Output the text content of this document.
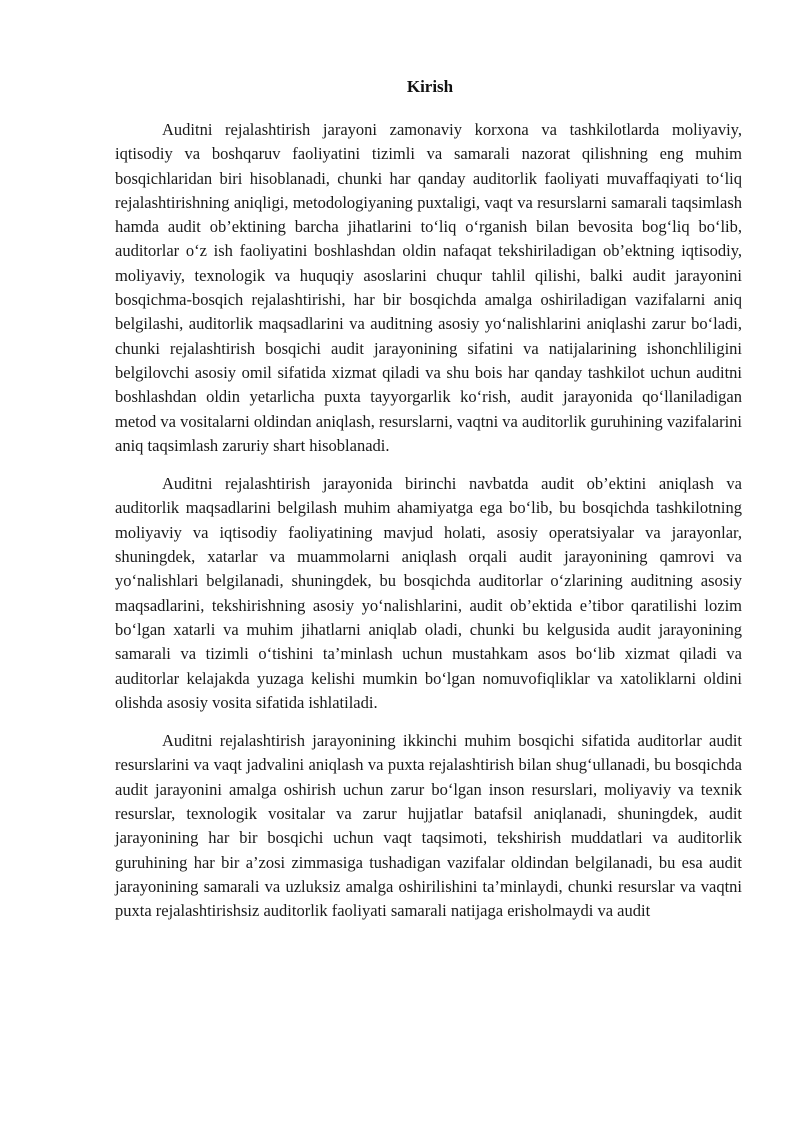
Kirish

Auditni rejalashtirish jarayoni zamonaviy korxona va tashkilotlarda moliyaviy, iqtisodiy va boshqaruv faoliyatini tizimli va samarali nazorat qilishning eng muhim bosqichlaridan biri hisoblanadi, chunki har qanday auditorlik faoliyati muvaffaqiyati to‘liq rejalashtirishning aniqligi, metodologiyaning puxtaligi, vaqt va resurslarni samarali taqsimlash hamda audit ob’ektining barcha jihatlarini to‘liq o‘rganish bilan bevosita bog‘liq bo‘lib, auditorlar o‘z ish faoliyatini boshlashdan oldin nafaqat tekshiriladigan ob’ektning iqtisodiy, moliyaviy, texnologik va huquqiy asoslarini chuqur tahlil qilishi, balki audit jarayonini bosqichma-bosqich rejalashtirishi, har bir bosqichda amalga oshiriladigan vazifalarni aniq belgilashi, auditorlik maqsadlarini va auditning asosiy yo‘nalishlarini aniqlashi zarur bo‘ladi, chunki rejalashtirish bosqichi audit jarayonining sifatini va natijalarining ishonchliligini belgilovchi asosiy omil sifatida xizmat qiladi va shu bois har qanday tashkilot uchun auditni boshlashdan oldin yetarlicha puxta tayyorgarlik ko‘rish, audit jarayonida qo‘llaniladigan metod va vositalarni oldindan aniqlash, resurslarni, vaqtni va auditorlik guruhining vazifalarini aniq taqsimlash zaruriy shart hisoblanadi.

Auditni rejalashtirish jarayonida birinchi navbatda audit ob’ektini aniqlash va auditorlik maqsadlarini belgilash muhim ahamiyatga ega bo‘lib, bu bosqichda tashkilotning moliyaviy va iqtisodiy faoliyatining mavjud holati, asosiy operatsiyalar va jarayonlar, shuningdek, xatarlar va muammolarni aniqlash orqali audit jarayonining qamrovi va yo‘nalishlari belgilanadi, shuningdek, bu bosqichda auditorlar o‘zlarining auditning asosiy maqsadlarini, tekshirishning asosiy yo‘nalishlarini, audit ob’ektida e’tibor qaratilishi lozim bo‘lgan xatarli va muhim jihatlarni aniqlab oladi, chunki bu kelgusida audit jarayonining samarali va tizimli o‘tishini ta’minlash uchun mustahkam asos bo‘lib xizmat qiladi va auditorlar kelajakda yuzaga kelishi mumkin bo‘lgan nomuvofiqliklar va xatoliklarni oldini olishda asosiy vosita sifatida ishlatiladi.

Auditni rejalashtirish jarayonining ikkinchi muhim bosqichi sifatida auditorlar audit resurslarini va vaqt jadvalini aniqlash va puxta rejalashtirish bilan shug‘ullanadi, bu bosqichda audit jarayonini amalga oshirish uchun zarur bo‘lgan inson resurslari, moliyaviy va texnik resurslar, texnologik vositalar va zarur hujjatlar batafsil aniqlanadi, shuningdek, audit jarayonining har bir bosqichi uchun vaqt taqsimoti, tekshirish muddatlari va auditorlik guruhining har bir a’zosi zimmasiga tushadigan vazifalar oldindan belgilanadi, bu esa audit jarayonining samarali va uzluksiz amalga oshirilishini ta’minlaydi, chunki resurslar va vaqtni puxta rejalashtirishsiz auditorlik faoliyati samarali natijaga erisholmaydi va audit
